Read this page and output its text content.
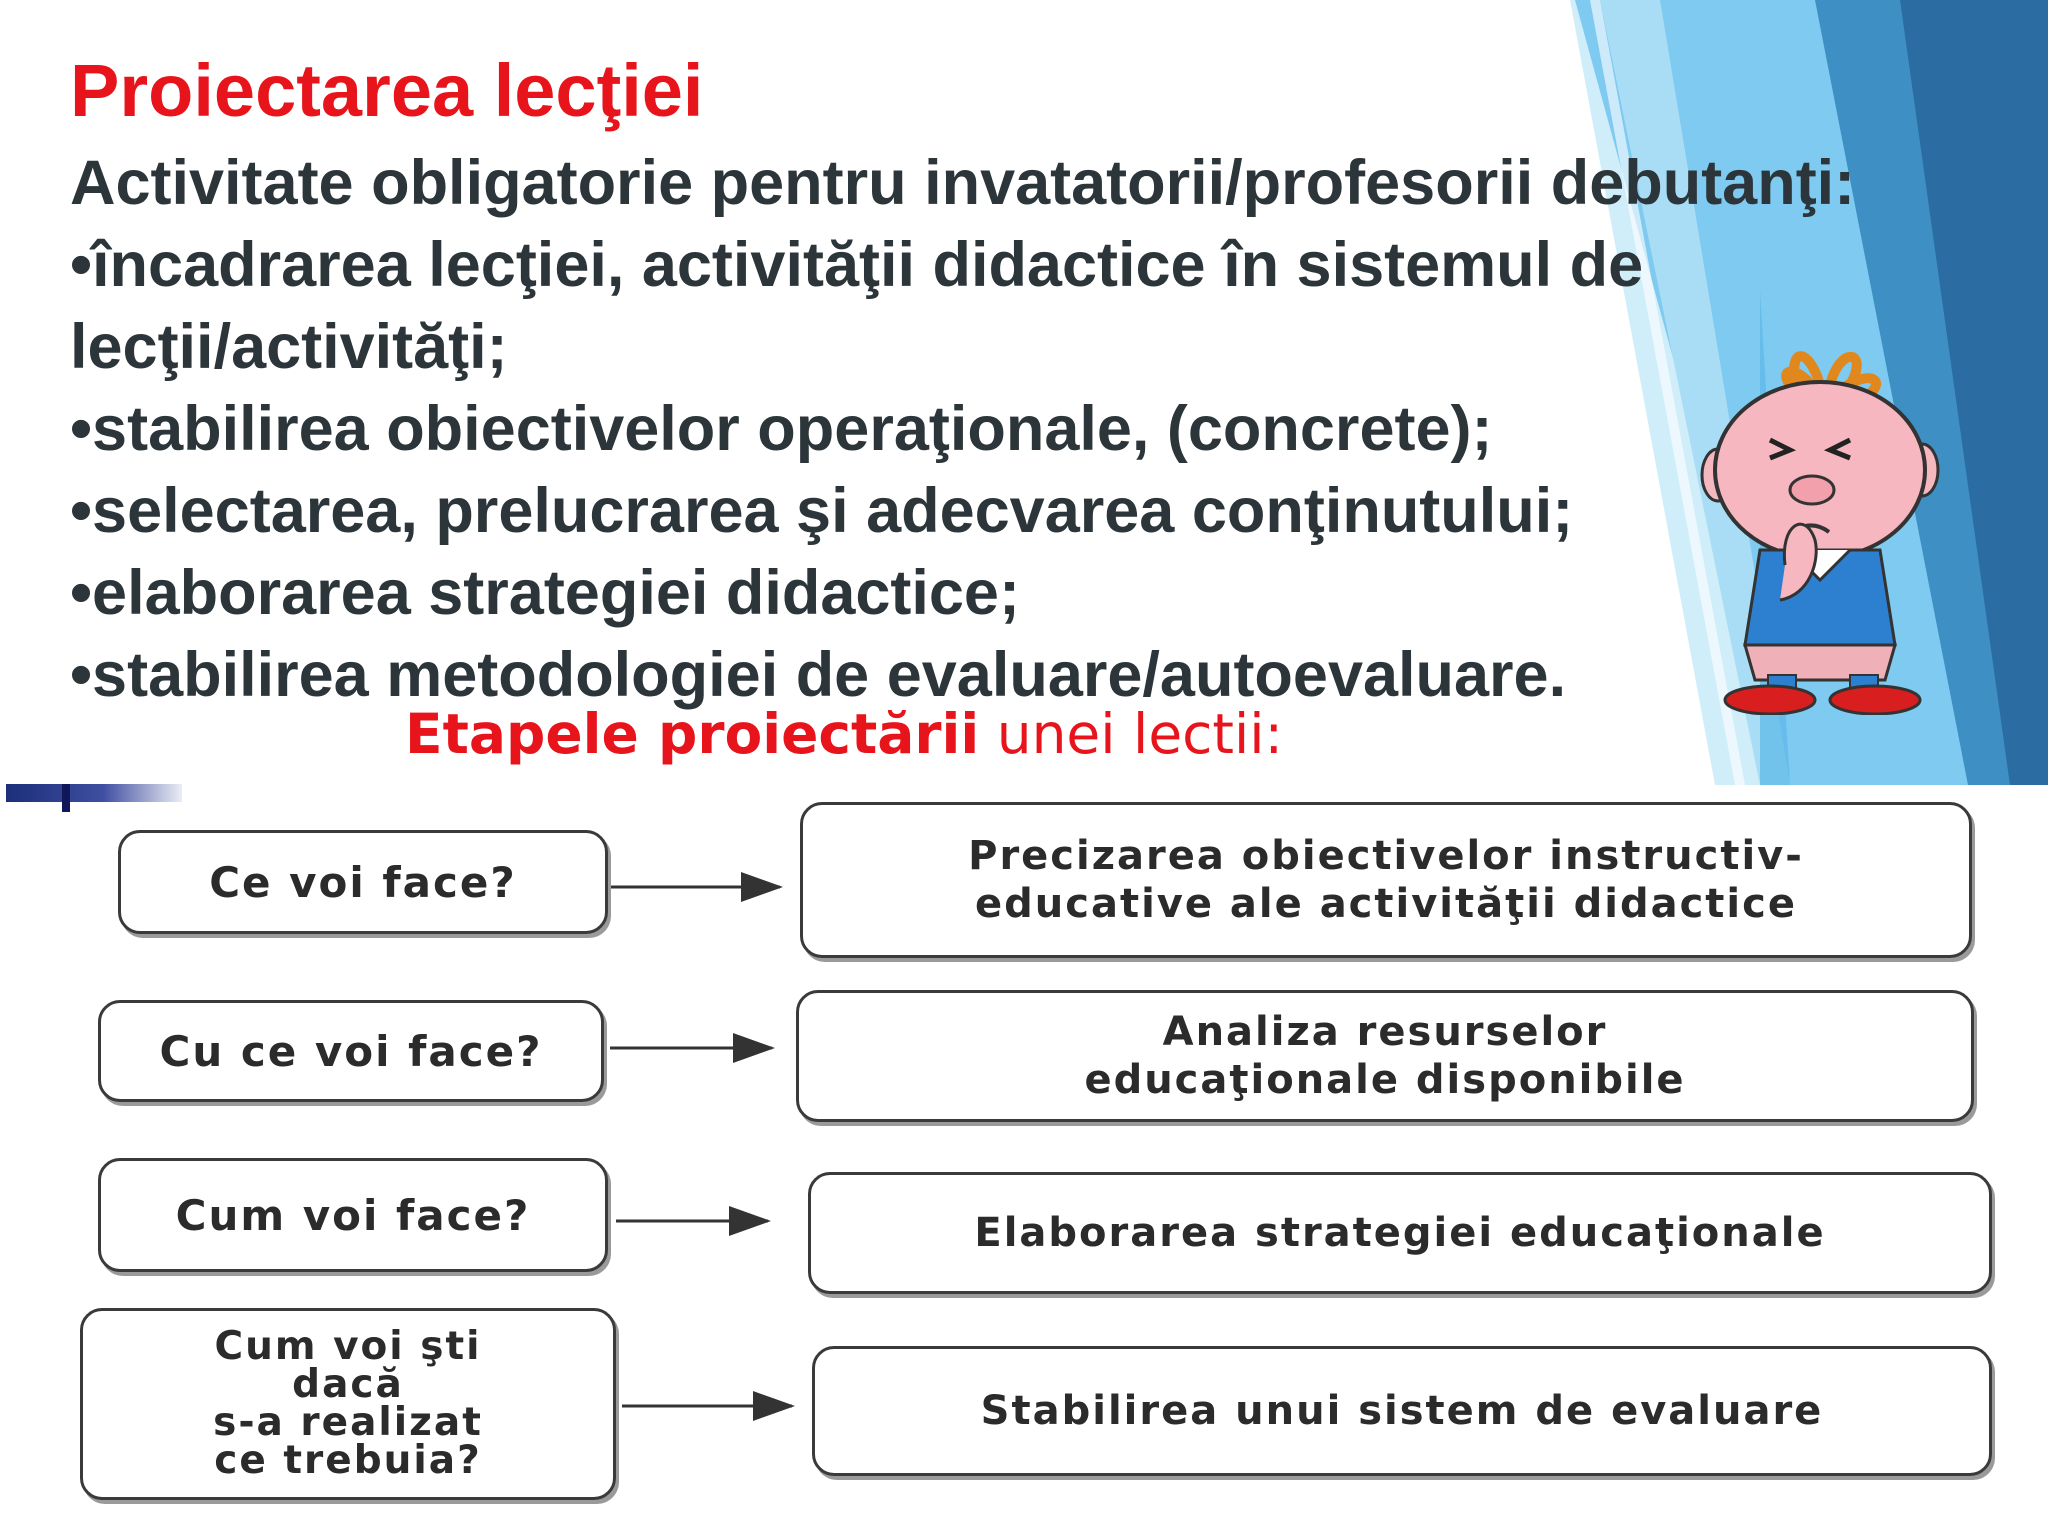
Proiectarea lecţiei
Activitate obligatorie pentru invatatorii/profesorii debutanţi:
•încadrarea lecţiei, activităţii didactice în sistemul de
lecţii/activităţi;
•stabilirea obiectivelor operaţionale, (concrete);
•selectarea, prelucrarea şi adecvarea conţinutului;
•elaborarea strategiei didactice;
•stabilirea metodologiei de evaluare/autoevaluare.
Etapele proiectării unei lectii:
Ce voi face?
Cu ce voi face?
Cum voi face?
Cum voi şti
dacă
s-a realizat
ce trebuia?
Precizarea obiectivelor instructiv-
educative ale activităţii didactice
Analiza resurselor
educaţionale disponibile
Elaborarea strategiei educaţionale
Stabilirea unui sistem de evaluare
